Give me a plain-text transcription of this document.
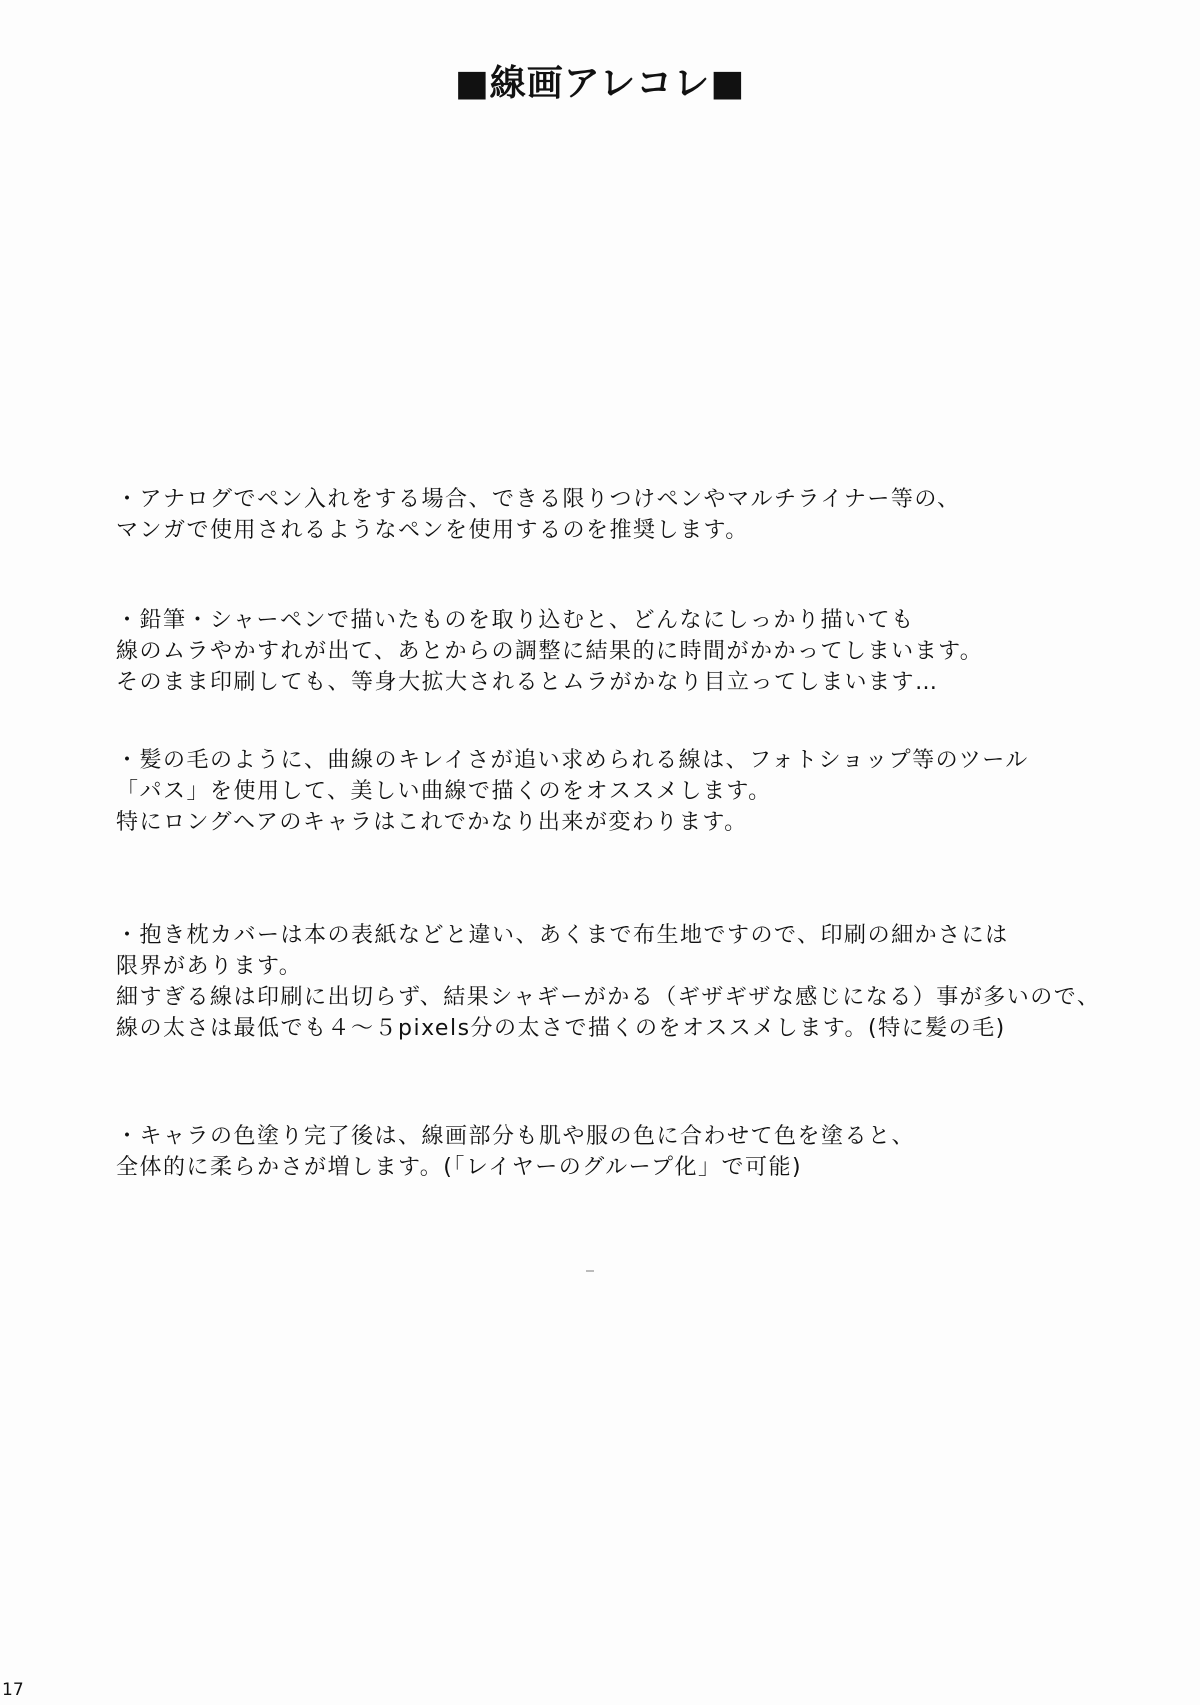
■線画アレコレ■
・アナログでペン入れをする場合、できる限りつけペンやマルチライナー等の、
マンガで使用されるようなペンを使用するのを推奨します。
・鉛筆・シャーペンで描いたものを取り込むと、どんなにしっかり描いても
線のムラやかすれが出て、あとからの調整に結果的に時間がかかってしまいます。
そのまま印刷しても、等身大拡大されるとムラがかなり目立ってしまいます…
・髪の毛のように、曲線のキレイさが追い求められる線は、フォトショップ等のツール
「パス」を使用して、美しい曲線で描くのをオススメします。
特にロングヘアのキャラはこれでかなり出来が変わります。
・抱き枕カバーは本の表紙などと違い、あくまで布生地ですので、印刷の細かさには
限界があります。
細すぎる線は印刷に出切らず、結果シャギーがかる（ギザギザな感じになる）事が多いので、
線の太さは最低でも４～５pixels分の太さで描くのをオススメします。(特に髪の毛)
・キャラの色塗り完了後は、線画部分も肌や服の色に合わせて色を塗ると、
全体的に柔らかさが増します。(「レイヤーのグループ化」で可能)
17
